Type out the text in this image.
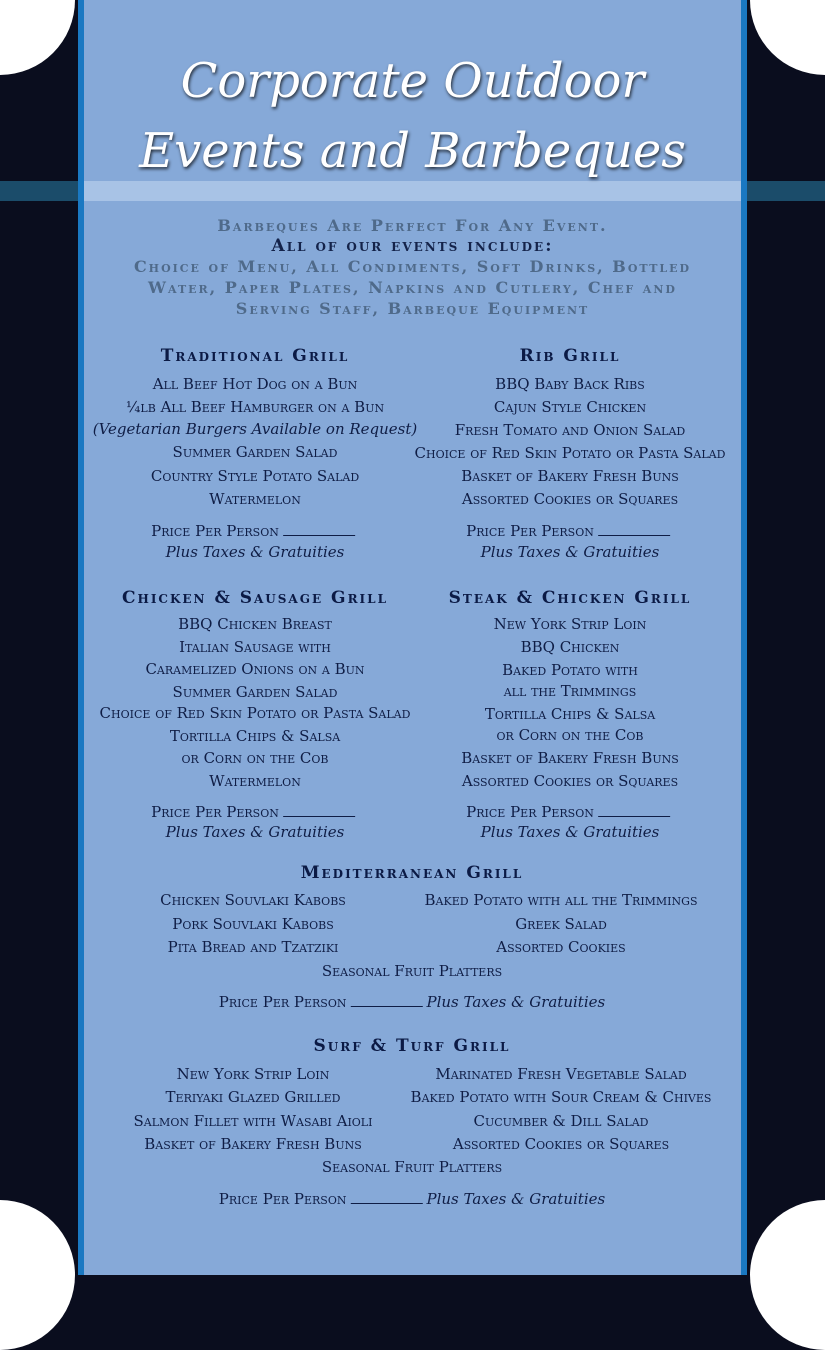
Corporate Outdoor
Events and Barbeques
Barbeques Are Perfect For Any Event.
All of our events include:
Choice of Menu, All Condiments, Soft Drinks, Bottled
Water, Paper Plates, Napkins and Cutlery, Chef and
Serving Staff, Barbeque Equipment
Traditional Grill
All Beef Hot Dog on a Bun
¼lb All Beef Hamburger on a Bun
(Vegetarian Burgers Available on Request)
Summer Garden Salad
Country Style Potato Salad
Watermelon
Price Per Person
Plus Taxes & Gratuities
Rib Grill
BBQ Baby Back Ribs
Cajun Style Chicken
Fresh Tomato and Onion Salad
Choice of Red Skin Potato or Pasta Salad
Basket of Bakery Fresh Buns
Assorted Cookies or Squares
Price Per Person
Plus Taxes & Gratuities
Chicken & Sausage Grill
BBQ Chicken Breast
Italian Sausage with
Caramelized Onions on a Bun
Summer Garden Salad
Choice of Red Skin Potato or Pasta Salad
Tortilla Chips & Salsa
or Corn on the Cob
Watermelon
Price Per Person
Plus Taxes & Gratuities
Steak & Chicken Grill
New York Strip Loin
BBQ Chicken
Baked Potato with
all the Trimmings
Tortilla Chips & Salsa
or Corn on the Cob
Basket of Bakery Fresh Buns
Assorted Cookies or Squares
Price Per Person
Plus Taxes & Gratuities
Mediterranean Grill
Chicken Souvlaki Kabobs
Pork Souvlaki Kabobs
Pita Bread and Tzatziki
Baked Potato with all the Trimmings
Greek Salad
Assorted Cookies
Seasonal Fruit Platters
Price Per Person	Plus Taxes & Gratuities
Surf & Turf Grill
New York Strip Loin
Teriyaki Glazed Grilled
Salmon Fillet with Wasabi Aioli
Basket of Bakery Fresh Buns
Marinated Fresh Vegetable Salad
Baked Potato with Sour Cream & Chives
Cucumber & Dill Salad
Assorted Cookies or Squares
Seasonal Fruit Platters
Price Per Person	Plus Taxes & Gratuities
